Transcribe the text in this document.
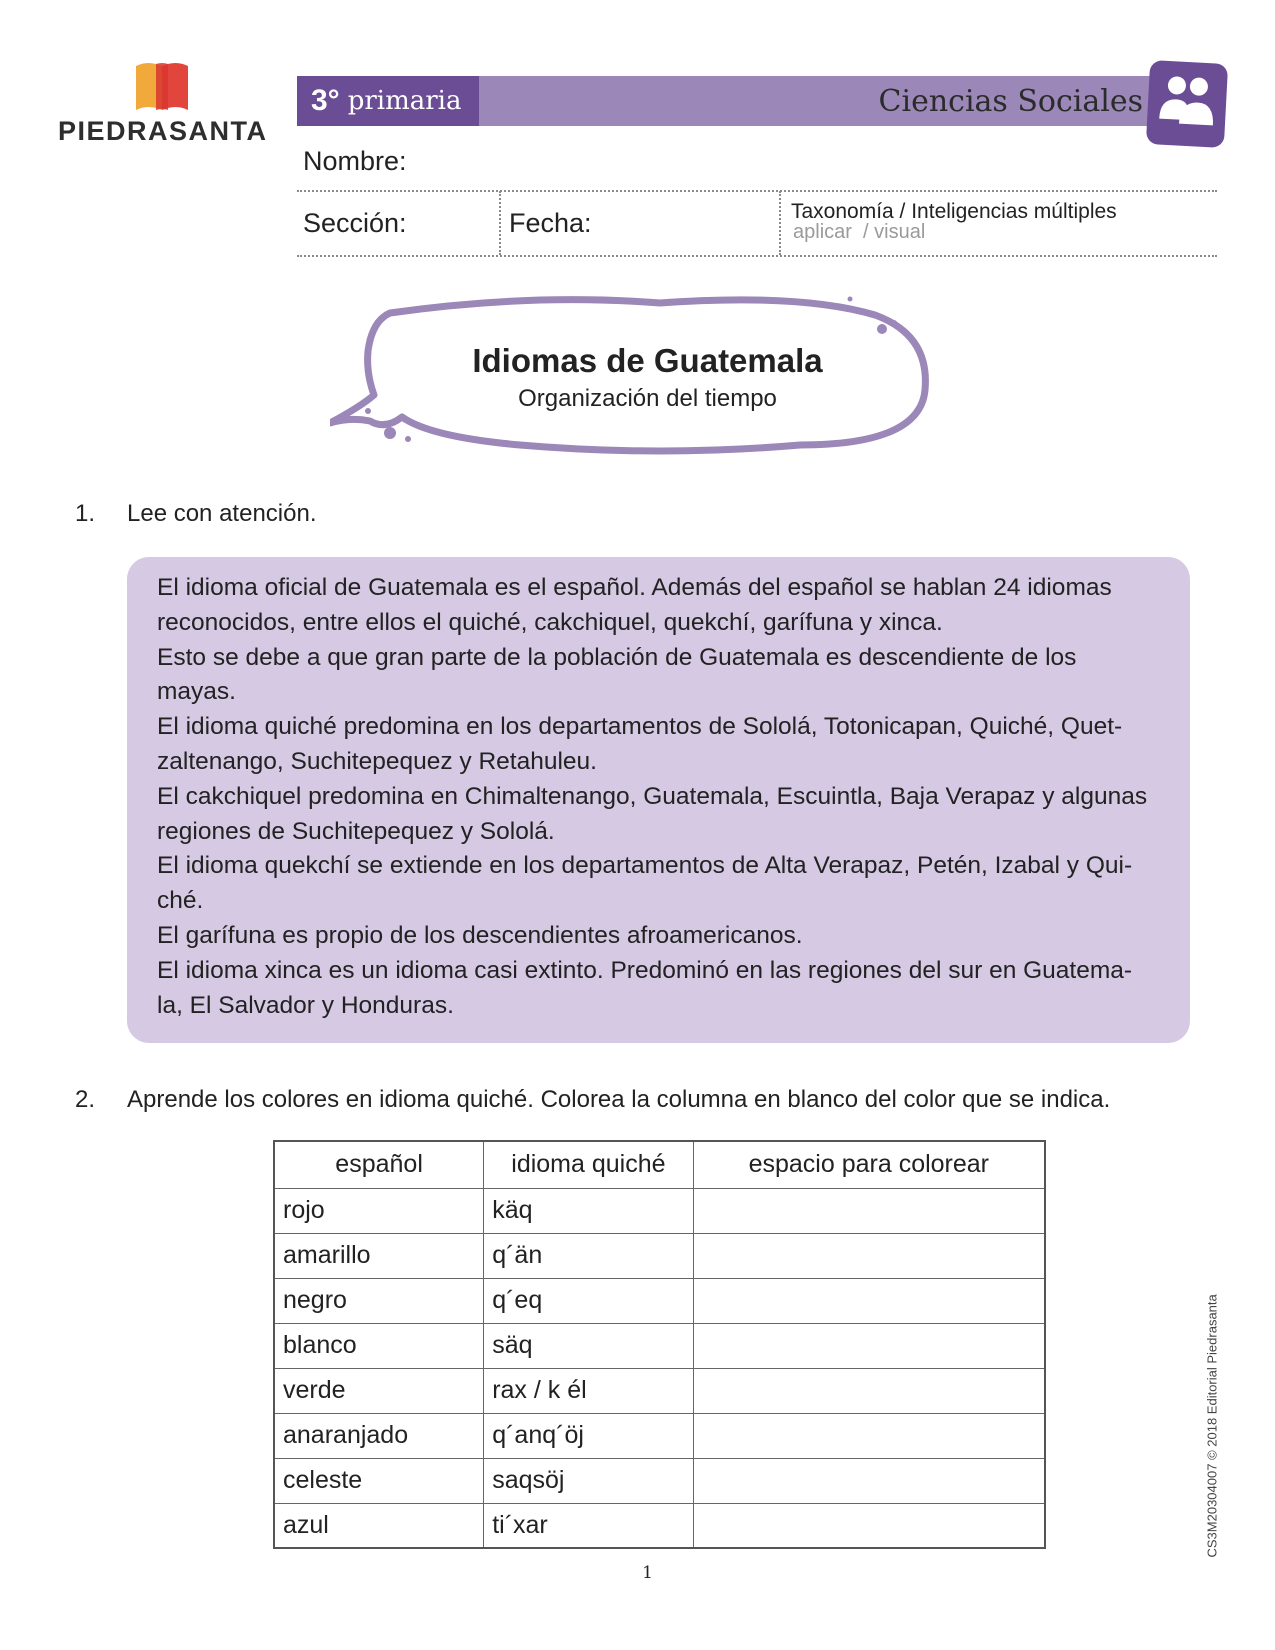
PIEDRASANTA
3° primaria	Ciencias Sociales
Nombre:
Sección:	Fecha:	Taxonomía / Inteligencias múltiples
aplicar  / visual
Idiomas de Guatemala
Organización del tiempo
1. Lee con atención.

El idioma oficial de Guatemala es el español. Además del español se hablan 24 idiomas

reconocidos, entre ellos el quiché, cakchiquel, quekchí, garífuna y xinca.

Esto se debe a que gran parte de la población de Guatemala es descendiente de los

mayas.

El idioma quiché predomina en los departamentos de Sololá, Totonicapan, Quiché, Quet-

zaltenango, Suchitepequez y Retahuleu.

El cakchiquel predomina en Chimaltenango, Guatemala, Escuintla, Baja Verapaz y algunas

regiones de Suchitepequez y Sololá.

El idioma quekchí se extiende en los departamentos de Alta Verapaz, Petén, Izabal y Qui-

ché.

El garífuna es propio de los descendientes afroamericanos.

El idioma xinca es un idioma casi extinto. Predominó en las regiones del sur en Guatema-

la, El Salvador y Honduras.

2. Aprende los colores en idioma quiché. Colorea la columna en blanco del color que se indica.
español	idioma quiché	espacio para colorear
rojo	käq	
amarillo	q´än	
negro	q´eq	
blanco	säq	
verde	rax / k él	
anaranjado	q´anq´öj	
celeste	saqsöj	
azul	ti´xar	
1
CS3M20304007 © 2018 Editorial Piedrasanta
